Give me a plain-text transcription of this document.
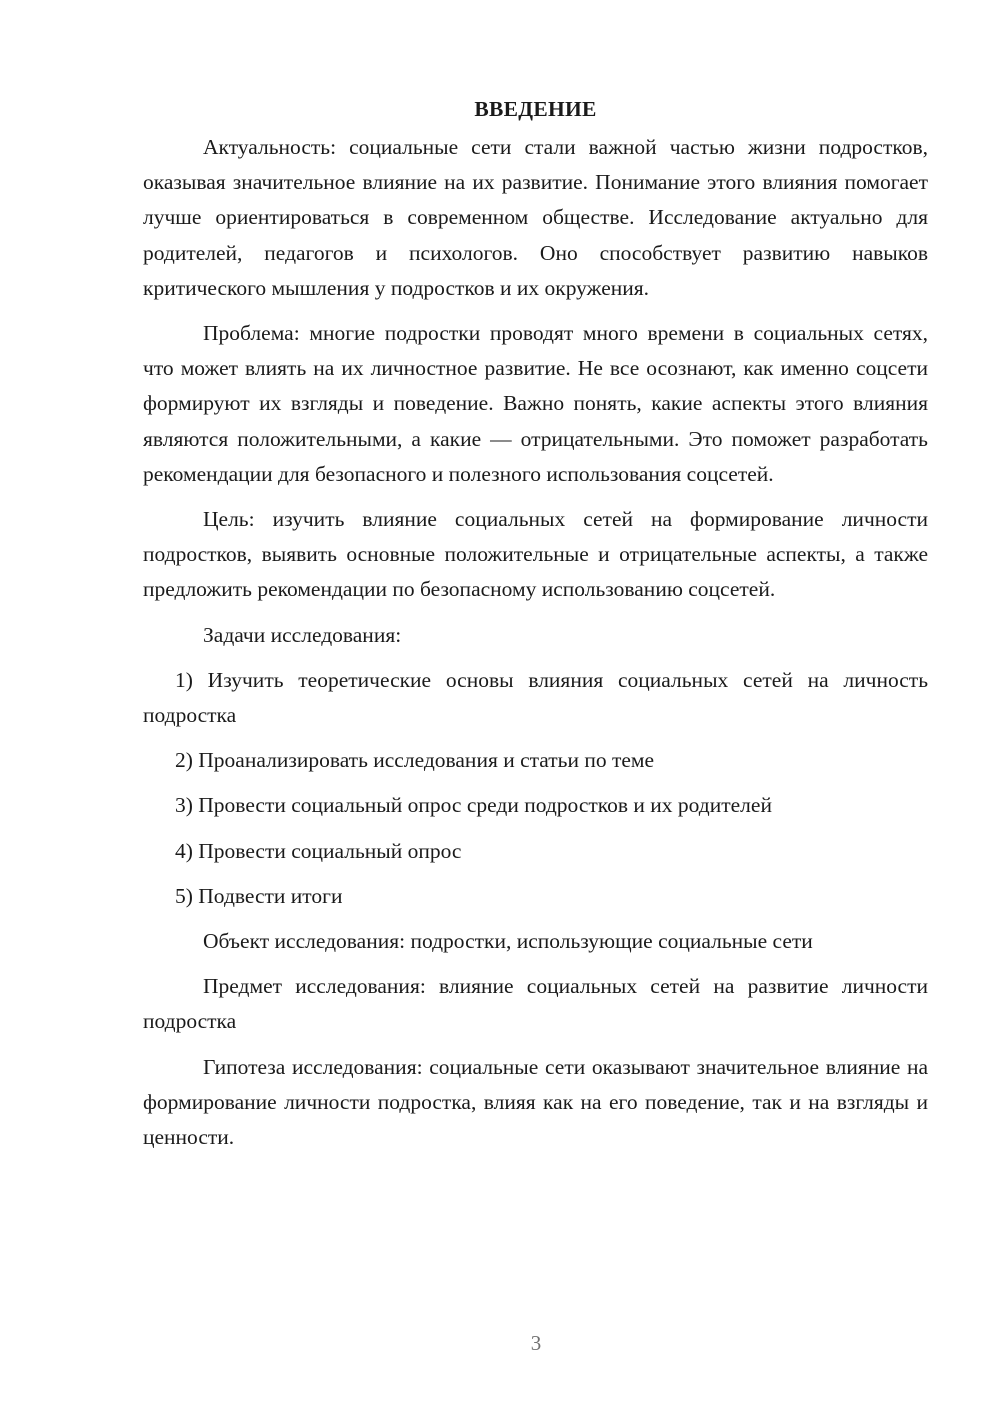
ВВЕДЕНИЕ

Актуальность: социальные сети стали важной частью жизни подростков, оказывая значительное влияние на их развитие. Понимание этого влияния помогает лучше ориентироваться в современном обществе. Исследование актуально для родителей, педагогов и психологов. Оно способствует развитию навыков критического мышления у подростков и их окружения.

Проблема: многие подростки проводят много времени в социальных сетях, что может влиять на их личностное развитие. Не все осознают, как именно соцсети формируют их взгляды и поведение. Важно понять, какие аспекты этого влияния являются положительными, а какие — отрицательными. Это поможет разработать рекомендации для безопасного и полезного использования соцсетей.

Цель: изучить влияние социальных сетей на формирование личности подростков, выявить основные положительные и отрицательные аспекты, а также предложить рекомендации по безопасному использованию соцсетей.

Задачи исследования:

1) Изучить теоретические основы влияния социальных сетей на личность подростка

2) Проанализировать исследования и статьи по теме

3) Провести социальный опрос среди подростков и их родителей

4) Провести социальный опрос

5) Подвести итоги

Объект исследования: подростки, использующие социальные сети

Предмет исследования: влияние социальных сетей на развитие личности подростка

Гипотеза исследования: социальные сети оказывают значительное влияние на формирование личности подростка, влияя как на его поведение, так и на взгляды и ценности.

3
